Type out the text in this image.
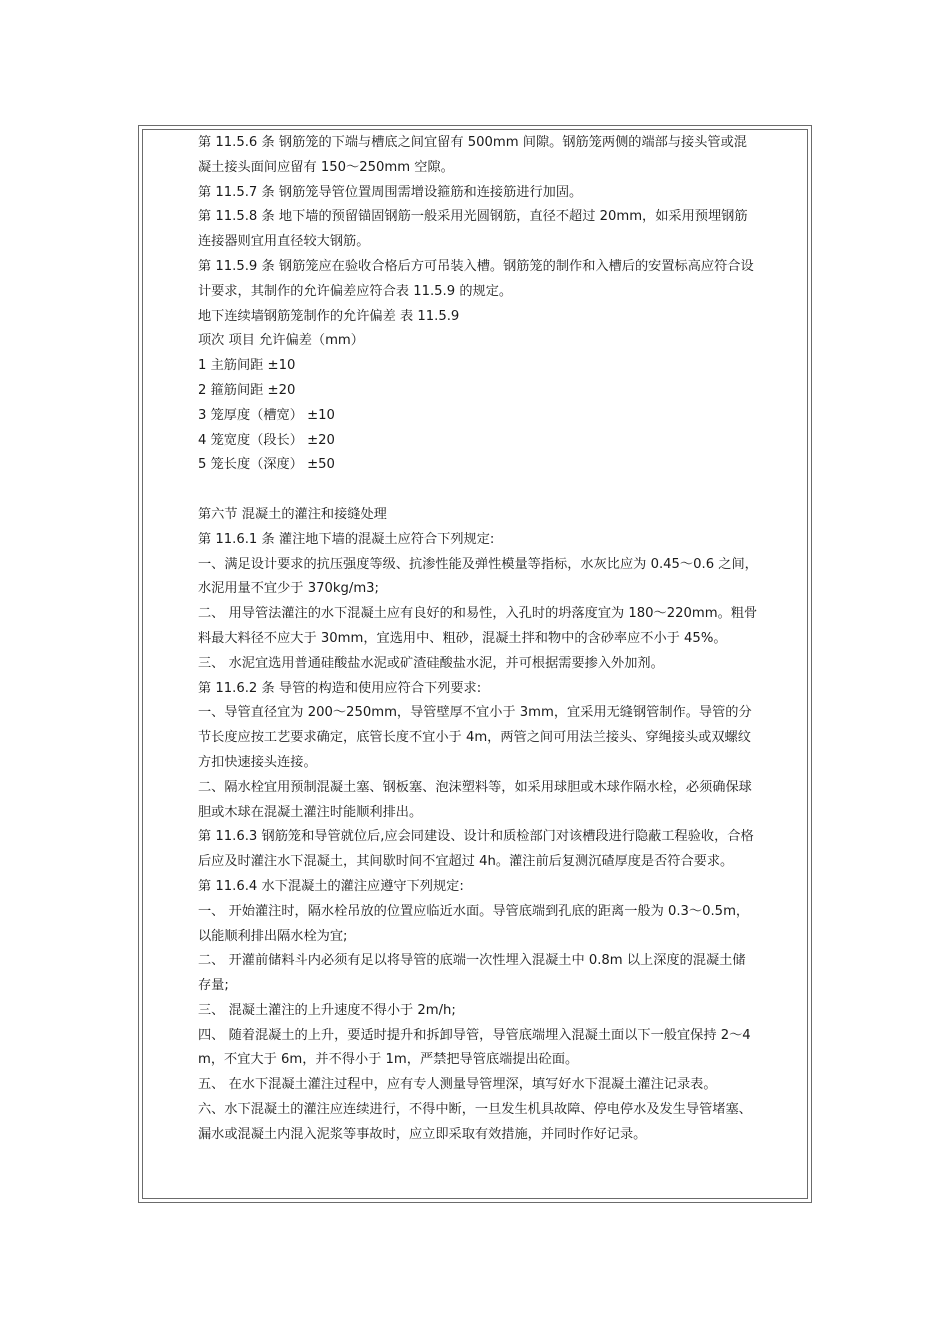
第 11.5.6 条 钢筋笼的下端与槽底之间宜留有 500mm 间隙。钢筋笼两侧的端部与接头管或混凝土接头面间应留有 150～250mm 空隙。

第 11.5.7 条 钢筋笼导管位置周围需增设箍筋和连接筋进行加固。

第 11.5.8 条 地下墙的预留锚固钢筋一般采用光圆钢筋，直径不超过 20mm，如采用预埋钢筋连接器则宜用直径较大钢筋。

第 11.5.9 条 钢筋笼应在验收合格后方可吊装入槽。钢筋笼的制作和入槽后的安置标高应符合设计要求，其制作的允许偏差应符合表 11.5.9 的规定。

地下连续墙钢筋笼制作的允许偏差 表 11.5.9

项次 项目 允许偏差（mm）

1 主筋间距 ±10

2 箍筋间距 ±20

3 笼厚度（槽宽） ±10

4 笼宽度（段长） ±20

5 笼长度（深度） ±50

第六节 混凝土的灌注和接缝处理

第 11.6.1 条 灌注地下墙的混凝土应符合下列规定:

一、满足设计要求的抗压强度等级、抗渗性能及弹性模量等指标，水灰比应为 0.45～0.6 之间，水泥用量不宜少于 370kg/m3;

二、 用导管法灌注的水下混凝土应有良好的和易性，入孔时的坍落度宜为 180～220mm。粗骨料最大料径不应大于 30mm，宜选用中、粗砂，混凝土拌和物中的含砂率应不小于 45%。

三、 水泥宜选用普通硅酸盐水泥或矿渣硅酸盐水泥，并可根据需要掺入外加剂。

第 11.6.2 条 导管的构造和使用应符合下列要求:

一、导管直径宜为 200～250mm，导管壁厚不宜小于 3mm，宜采用无缝钢管制作。导管的分节长度应按工艺要求确定，底管长度不宜小于 4m，两管之间可用法兰接头、穿绳接头或双螺纹方扣快速接头连接。

二、隔水栓宜用预制混凝土塞、钢板塞、泡沫塑料等，如采用球胆或木球作隔水栓，必须确保球胆或木球在混凝土灌注时能顺利排出。

第 11.6.3 钢筋笼和导管就位后,应会同建设、设计和质检部门对该槽段进行隐蔽工程验收，合格后应及时灌注水下混凝土，其间歇时间不宜超过 4h。灌注前后复测沉碴厚度是否符合要求。

第 11.6.4 水下混凝土的灌注应遵守下列规定:

一、 开始灌注时，隔水栓吊放的位置应临近水面。导管底端到孔底的距离一般为 0.3～0.5m，以能顺利排出隔水栓为宜;

二、 开灌前储料斗内必须有足以将导管的底端一次性埋入混凝土中 0.8m 以上深度的混凝土储存量;

三、 混凝土灌注的上升速度不得小于 2m/h;

四、 随着混凝土的上升，要适时提升和拆卸导管，导管底端埋入混凝土面以下一般宜保持 2～4m，不宜大于 6m，并不得小于 1m，严禁把导管底端提出砼面。

五、 在水下混凝土灌注过程中，应有专人测量导管埋深，填写好水下混凝土灌注记录表。

六、水下混凝土的灌注应连续进行，不得中断，一旦发生机具故障、停电停水及发生导管堵塞、漏水或混凝土内混入泥浆等事故时，应立即采取有效措施，并同时作好记录。
